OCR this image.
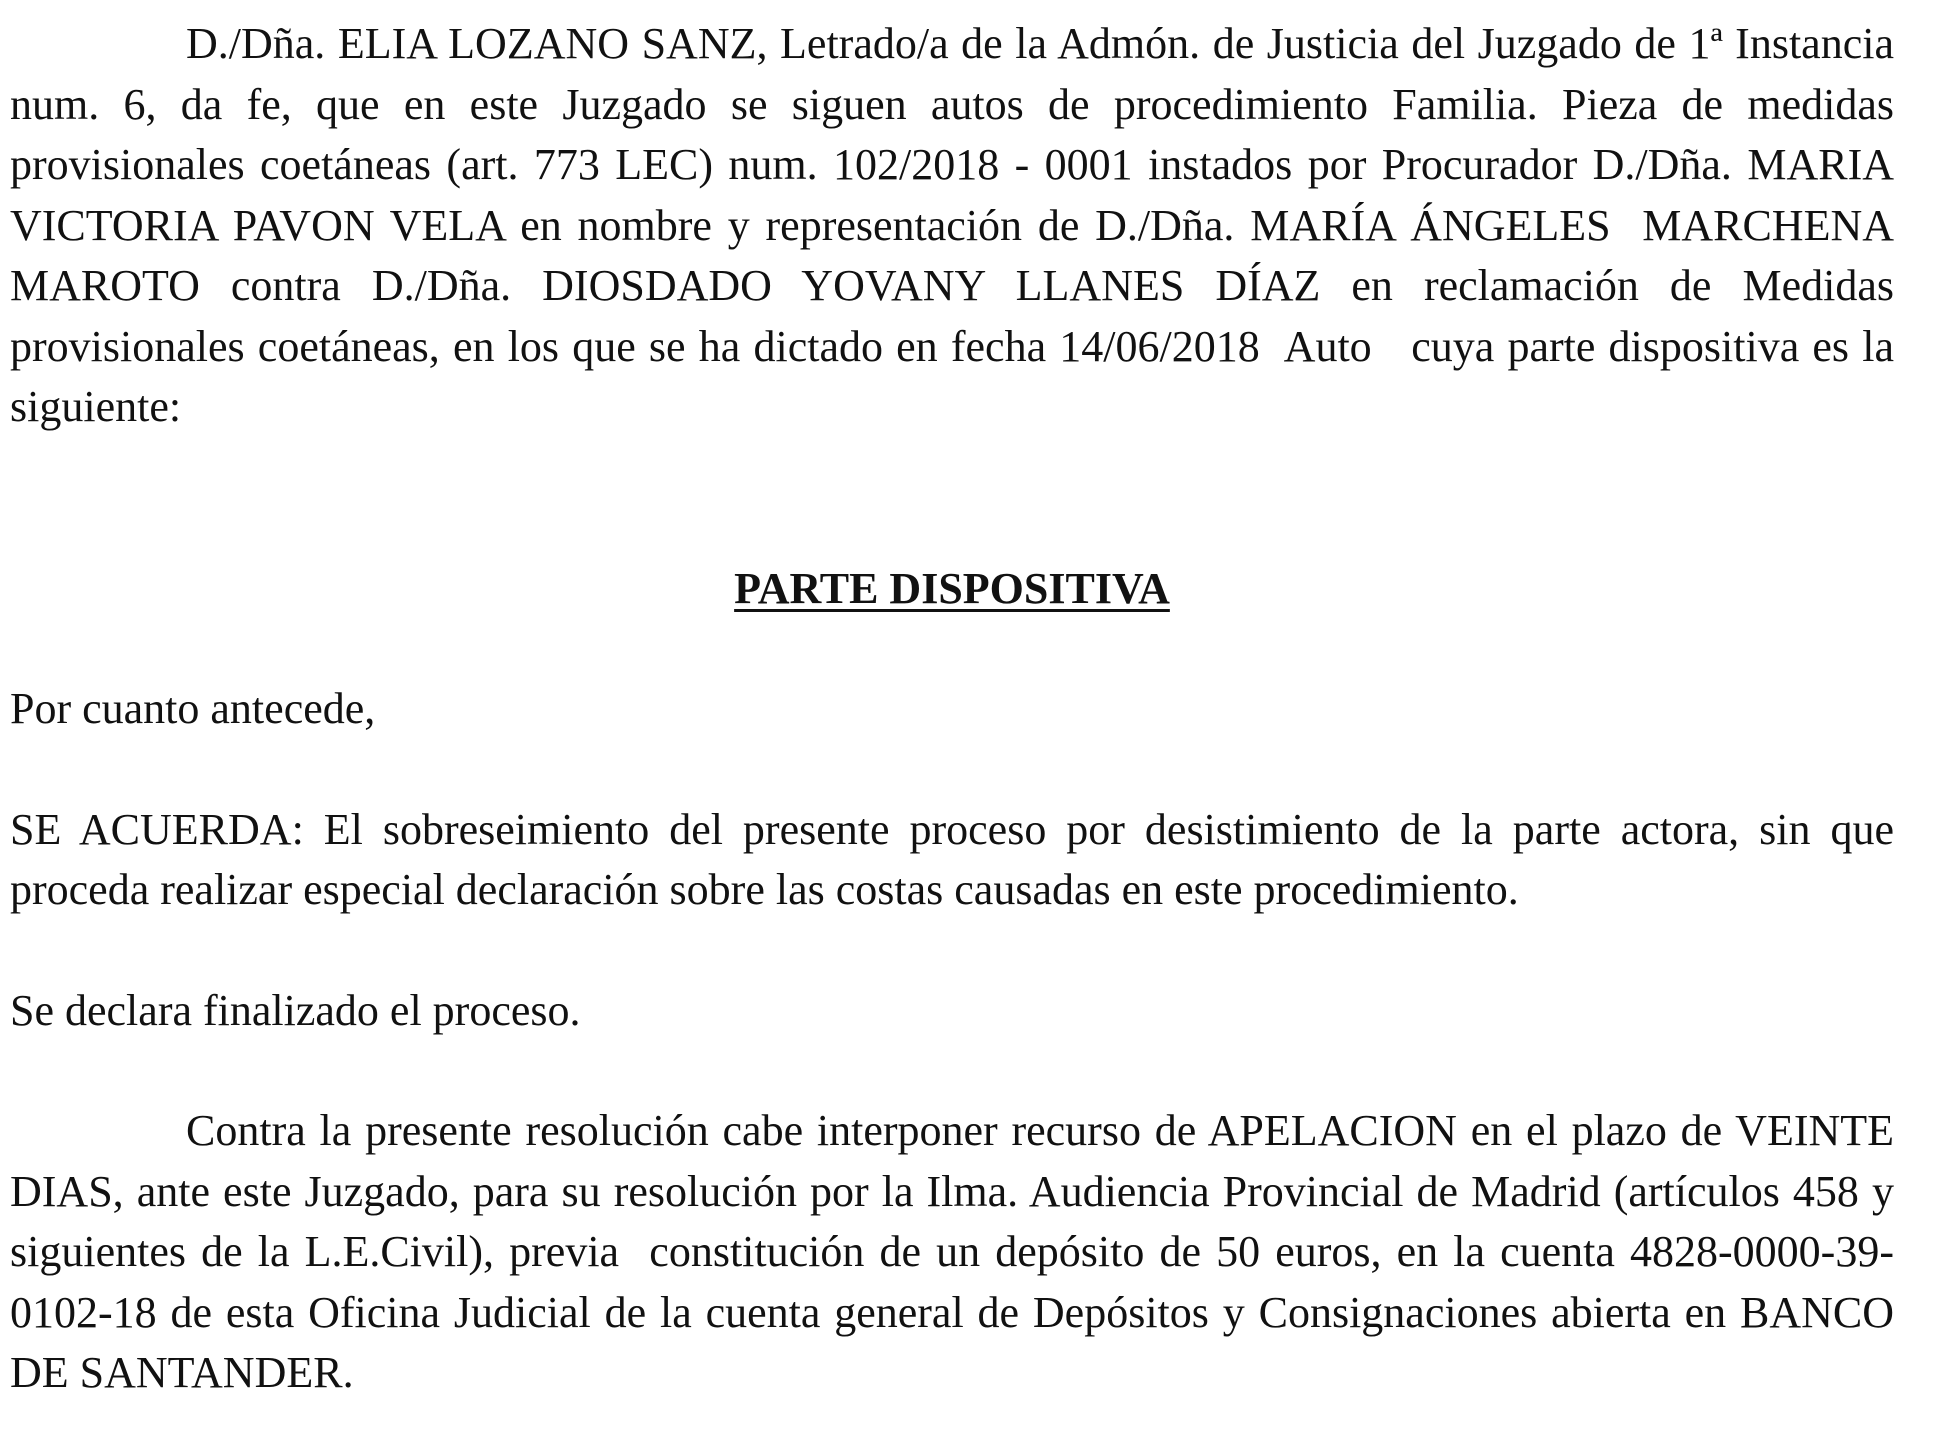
D./Dña. ELIA LOZANO SANZ, Letrado/a de la Admón. de Justicia del Juzgado de 1ª Instancia num. 6, da fe, que en este Juzgado se siguen autos de procedimiento Familia. Pieza de medidas provisionales coetáneas (art. 773 LEC) num. 102/2018 - 0001 instados por Procurador D./Dña. MARIA VICTORIA PAVON VELA en nombre y representación de D./Dña. MARÍA ÁNGELES  MARCHENA MAROTO contra D./Dña. DIOSDADO YOVANY LLANES DÍAZ en reclamación de Medidas provisionales coetáneas, en los que se ha dictado en fecha 14/06/2018  Auto   cuya parte dispositiva es la siguiente:

PARTE DISPOSITIVA

Por cuanto antecede,

SE ACUERDA: El sobreseimiento del presente proceso por desistimiento de la parte actora, sin que proceda realizar especial declaración sobre las costas causadas en este procedimiento.

Se declara finalizado el proceso.

Contra la presente resolución cabe interponer recurso de APELACION en el plazo de VEINTE DIAS, ante este Juzgado, para su resolución por la Ilma. Audiencia Provincial de Madrid (artículos 458 y siguientes de la L.E.Civil), previa  constitución de un depósito de 50 euros, en la cuenta 4828-0000-39-0102-18 de esta Oficina Judicial de la cuenta general de Depósitos y Consignaciones abierta en BANCO DE SANTANDER.
